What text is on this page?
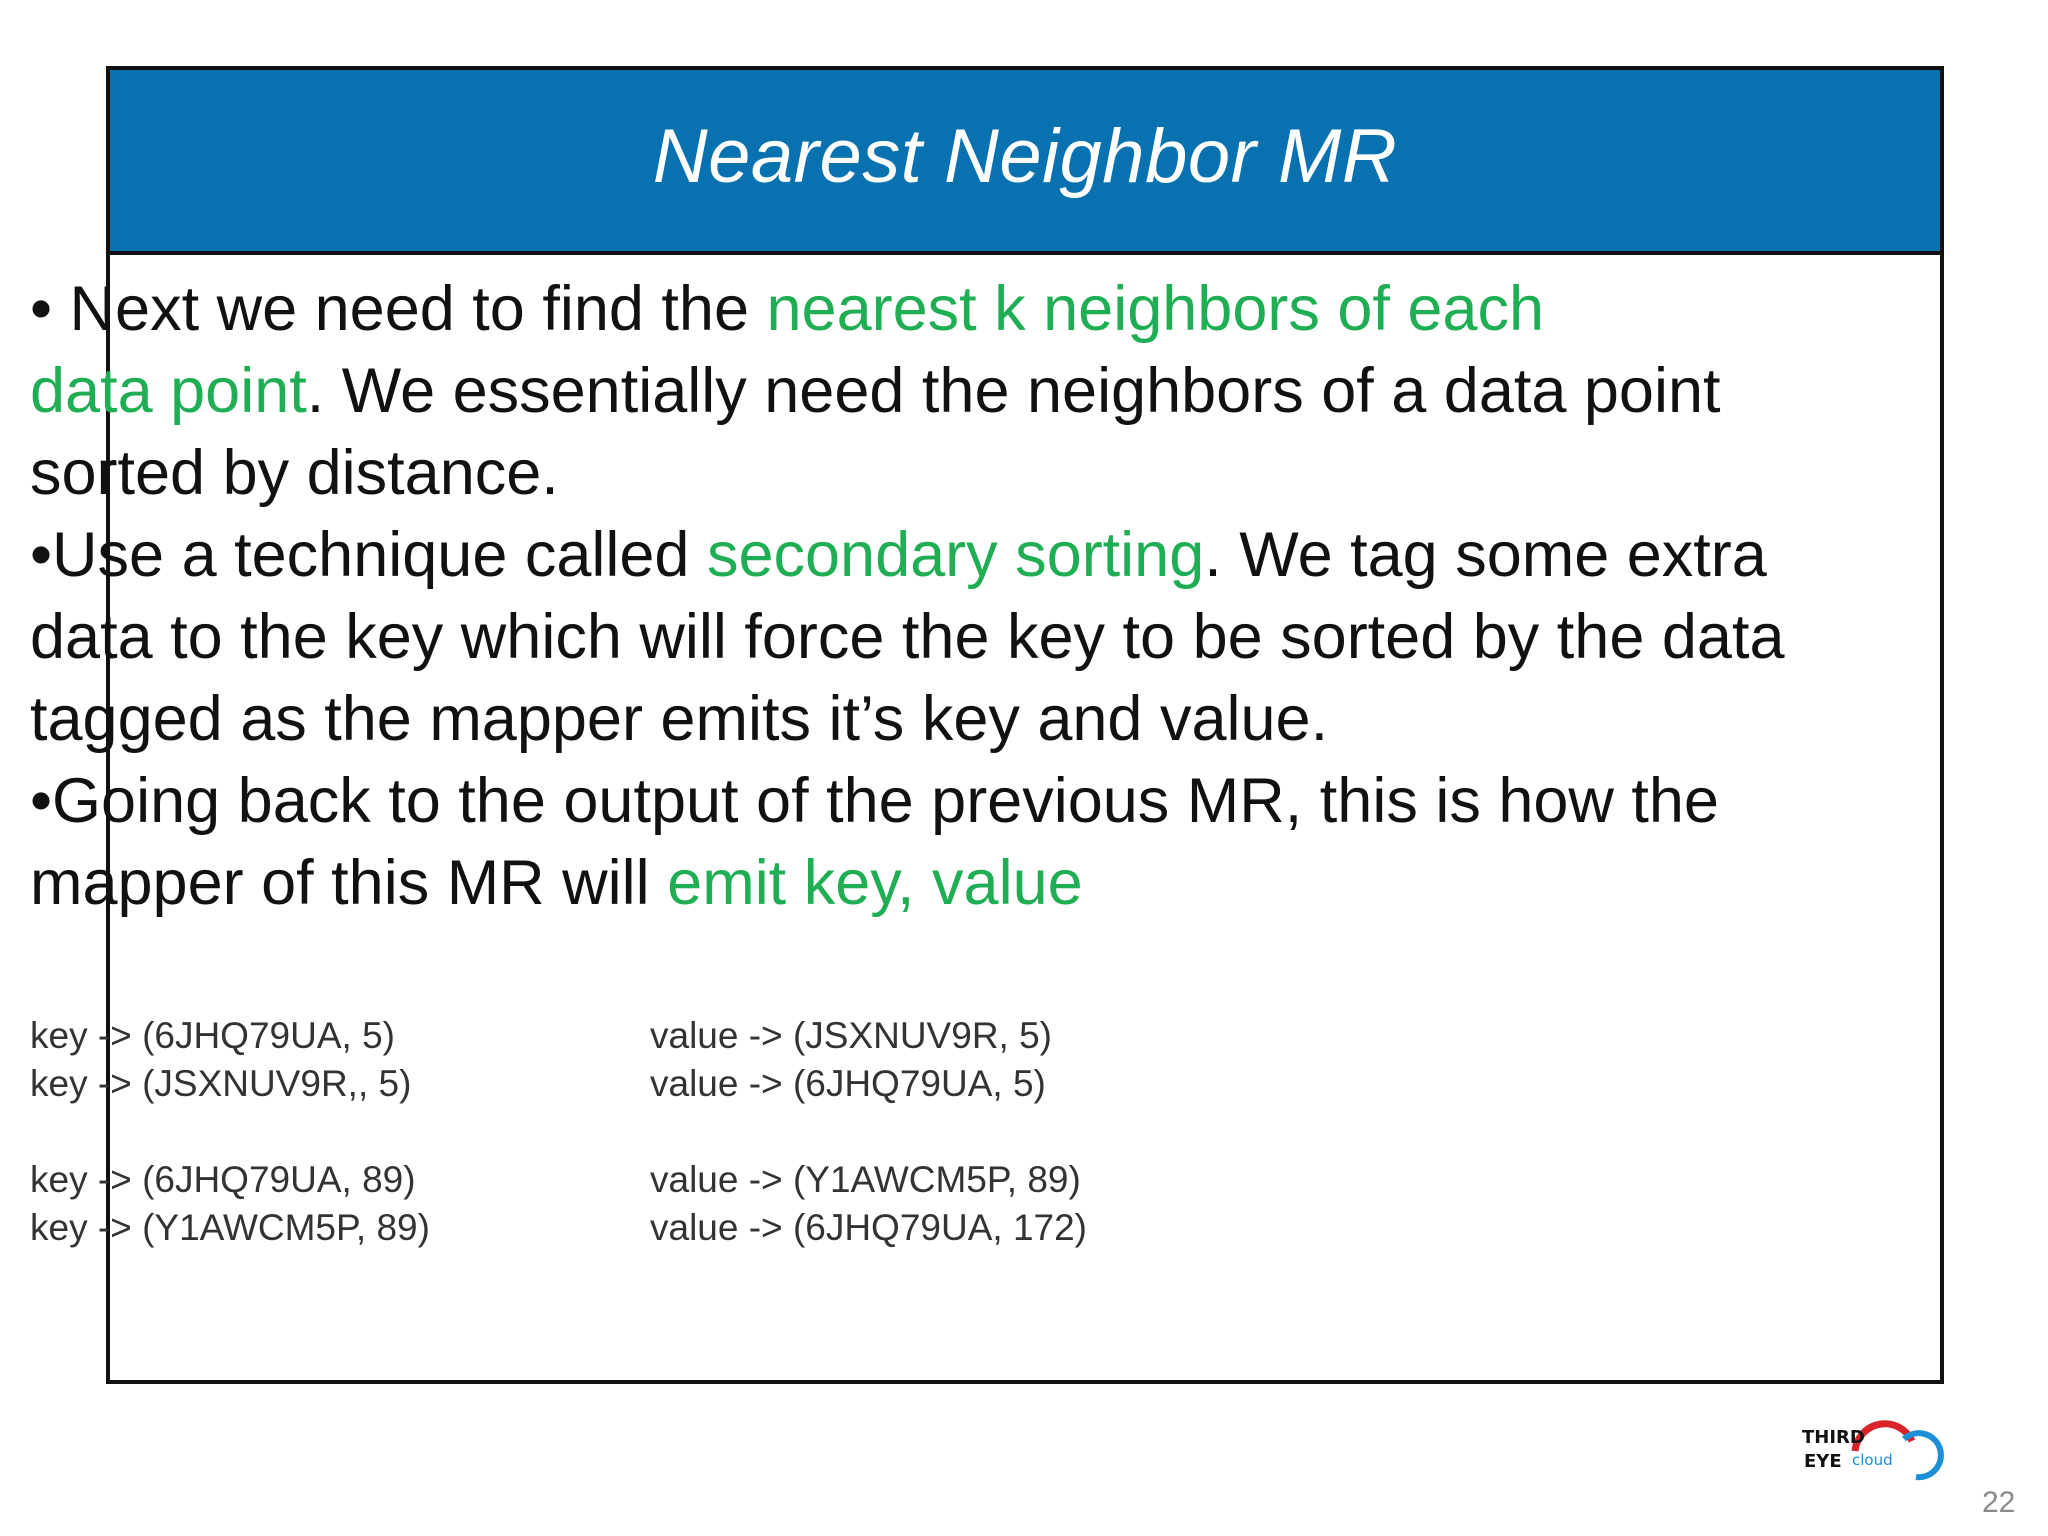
Nearest Neighbor MR

• Next we need to find the nearest k neighbors of each
data point. We essentially need the neighbors of a data point sorted by distance.

•Use a technique called secondary sorting. We tag some extra data to the key which will force the key to be sorted by the data tagged as the mapper emits it’s key and value.

•Going back to the output of the previous MR, this is how the mapper of this MR will emit key, value

key -> (6JHQ79UA, 5)	value -> (JSXNUV9R, 5)
key -> (JSXNUV9R,, 5)	value -> (6JHQ79UA, 5)
key -> (6JHQ79UA, 89)	value -> (Y1AWCM5P, 89)
key -> (Y1AWCM5P, 89)	value -> (6JHQ79UA, 172)
THIRD
EYE cloud
22
